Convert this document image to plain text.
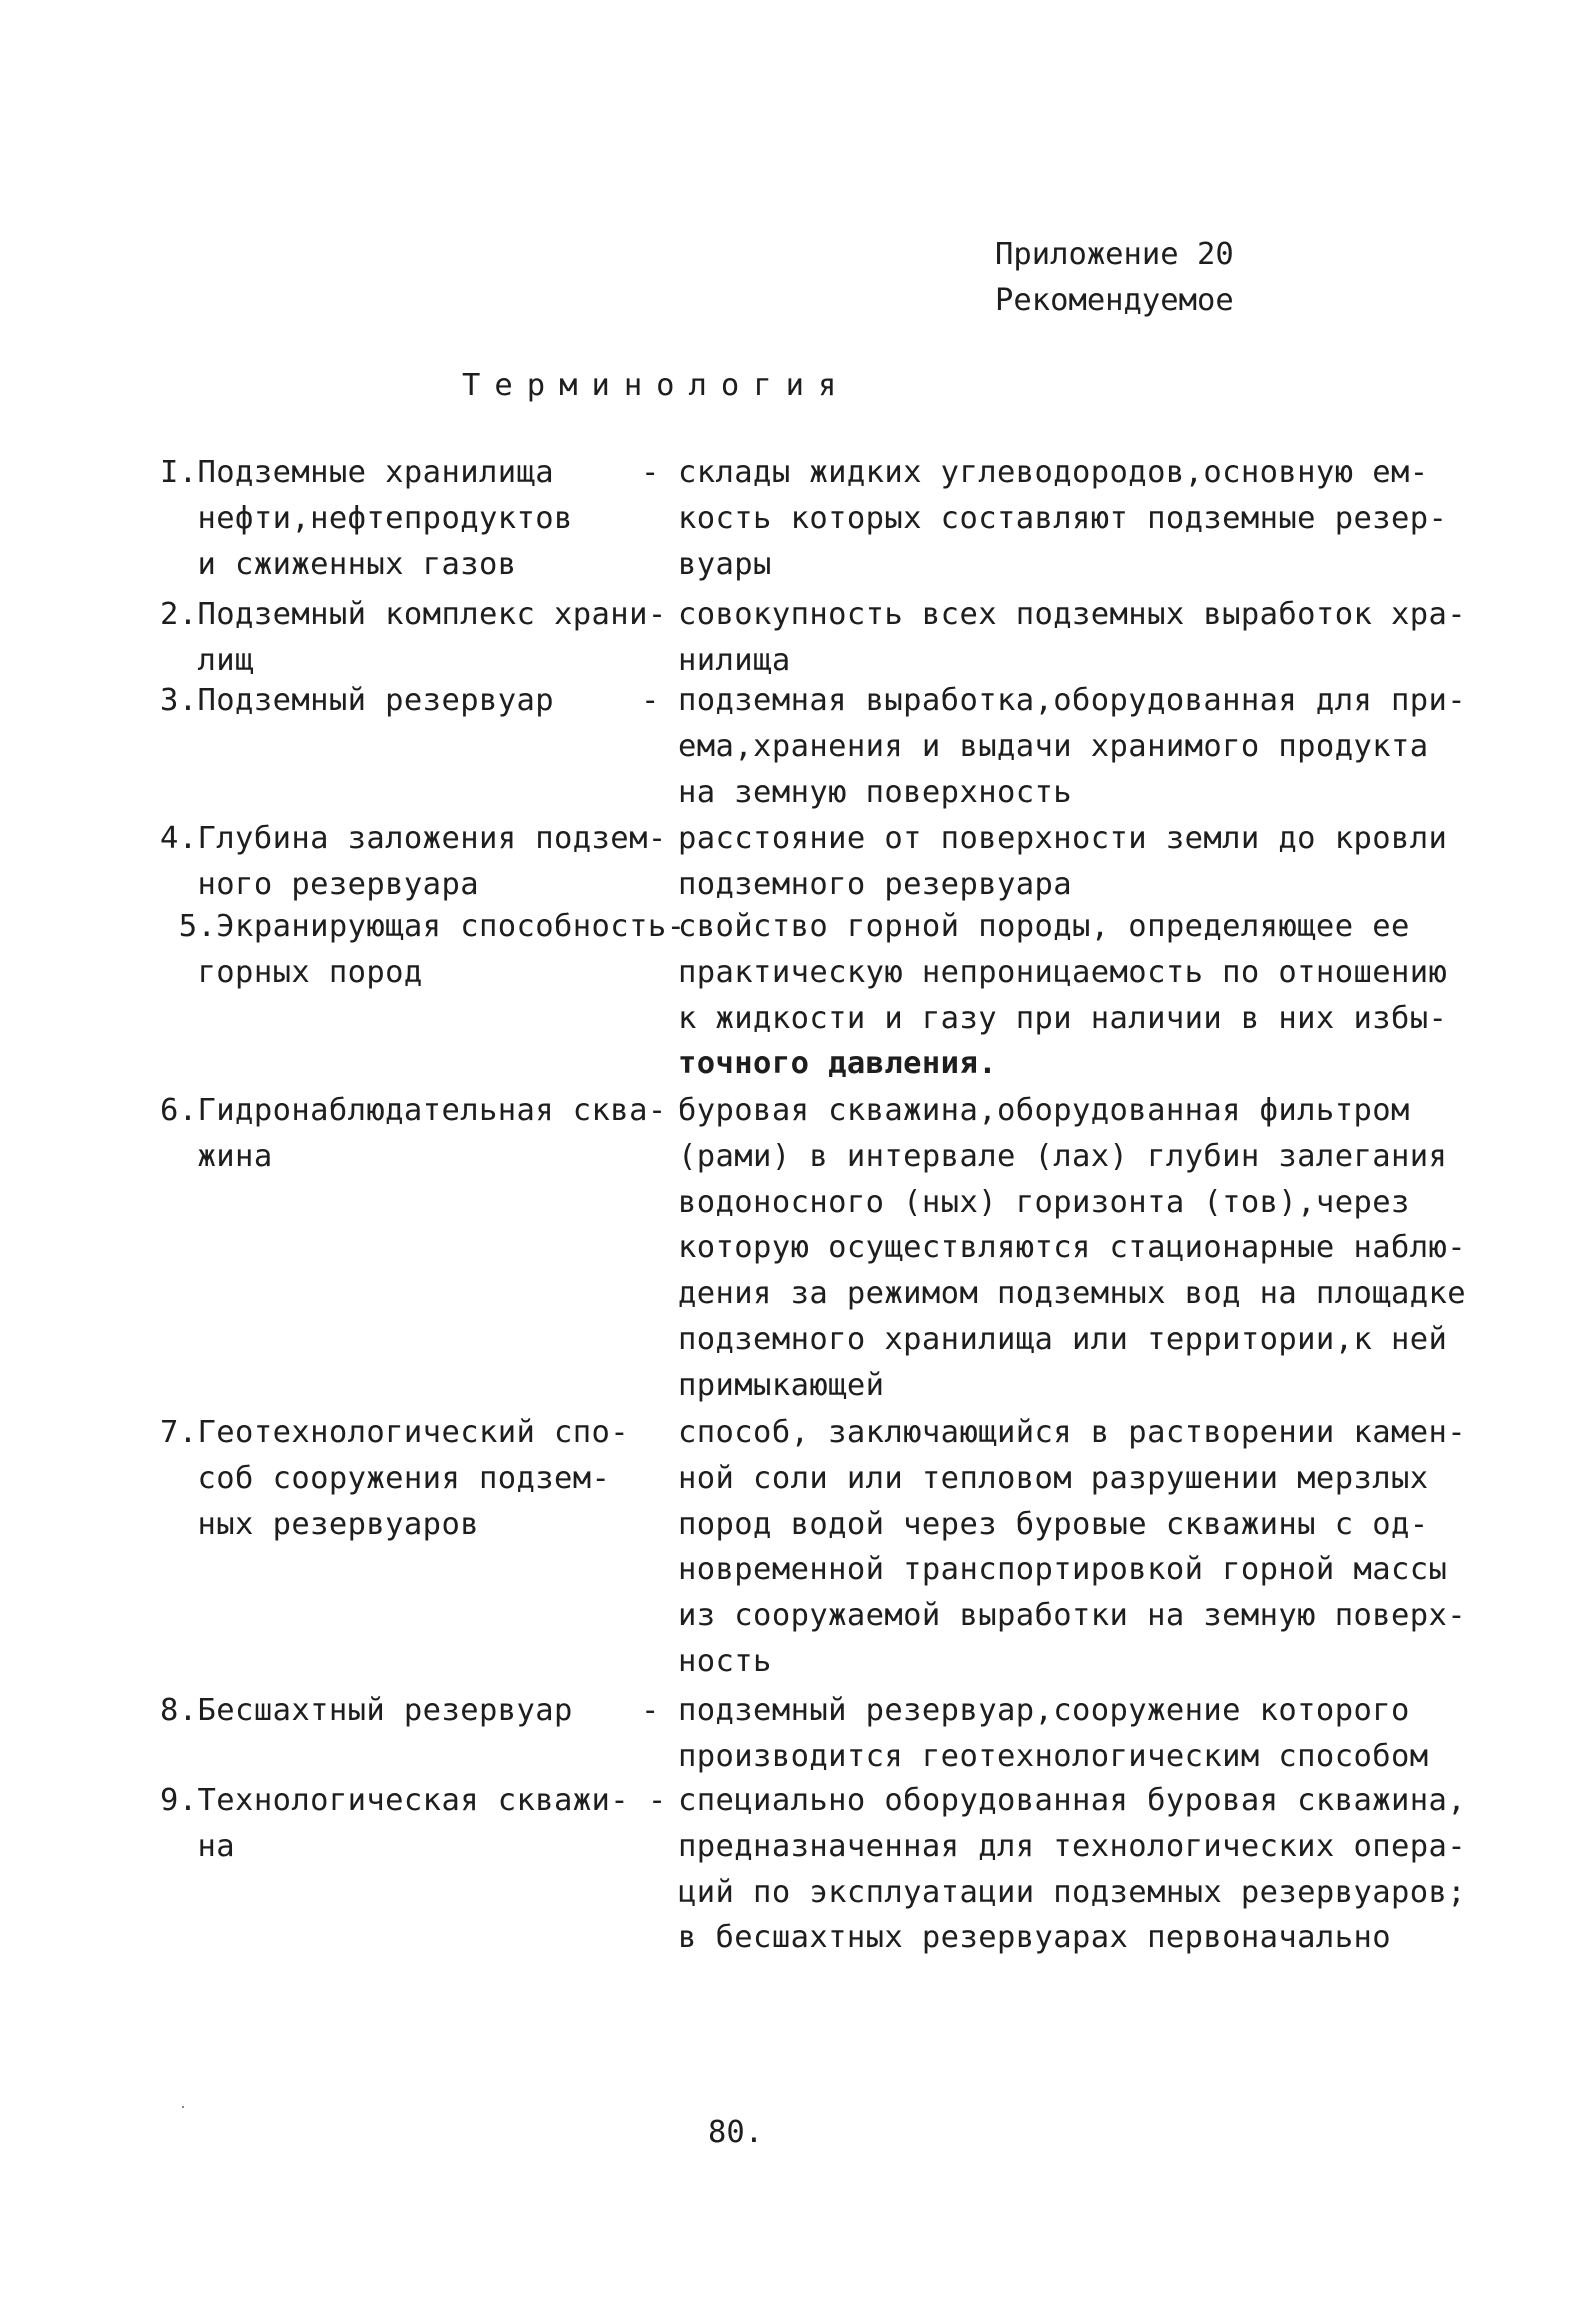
Приложение 20
Рекомендуемое
Терминология
I.Подземные хранилища
нефти,нефтепродуктов
и сжиженных газов
- склады жидких углеводородов,основную ем-
кость которых составляют подземные резер-
вуары
2.Подземный комплекс храни-
лищ
совокупность всех подземных выработок хра-
нилища
3.Подземный резервуар	- подземная выработка,оборудованная для при-
ема,хранения и выдачи хранимого продукта
на земную поверхность
4.Глубина заложения подзем-
ного резервуара
расстояние от поверхности земли до кровли
подземного резервуара
5.Экранирующая способность-
горных пород
свойство горной породы, определяющее ее
практическую непроницаемость по отношению
к жидкости и газу при наличии в них избы-
точного давления.
6.Гидронаблюдательная сква-
жина
буровая скважина,оборудованная фильтром
(рами) в интервале (лах) глубин залегания
водоносного (ных) горизонта (тов),через
которую осуществляются стационарные наблю-
дения за режимом подземных вод на площадке
подземного хранилища или территории,к ней
примыкающей
7.Геотехнологический спо-
соб сооружения подзем-
ных резервуаров
способ, заключающийся в растворении камен-
ной соли или тепловом разрушении мерзлых
пород водой через буровые скважины с од-
новременной транспортировкой горной массы
из сооружаемой выработки на земную поверх-
ность
8.Бесшахтный резервуар - подземный резервуар,сооружение которого
производится геотехнологическим способом
9.Технологическая скважи- -
на
специально оборудованная буровая скважина,
предназначенная для технологических опера-
ций по эксплуатации подземных резервуаров;
в бесшахтных резервуарах первоначально
80.
